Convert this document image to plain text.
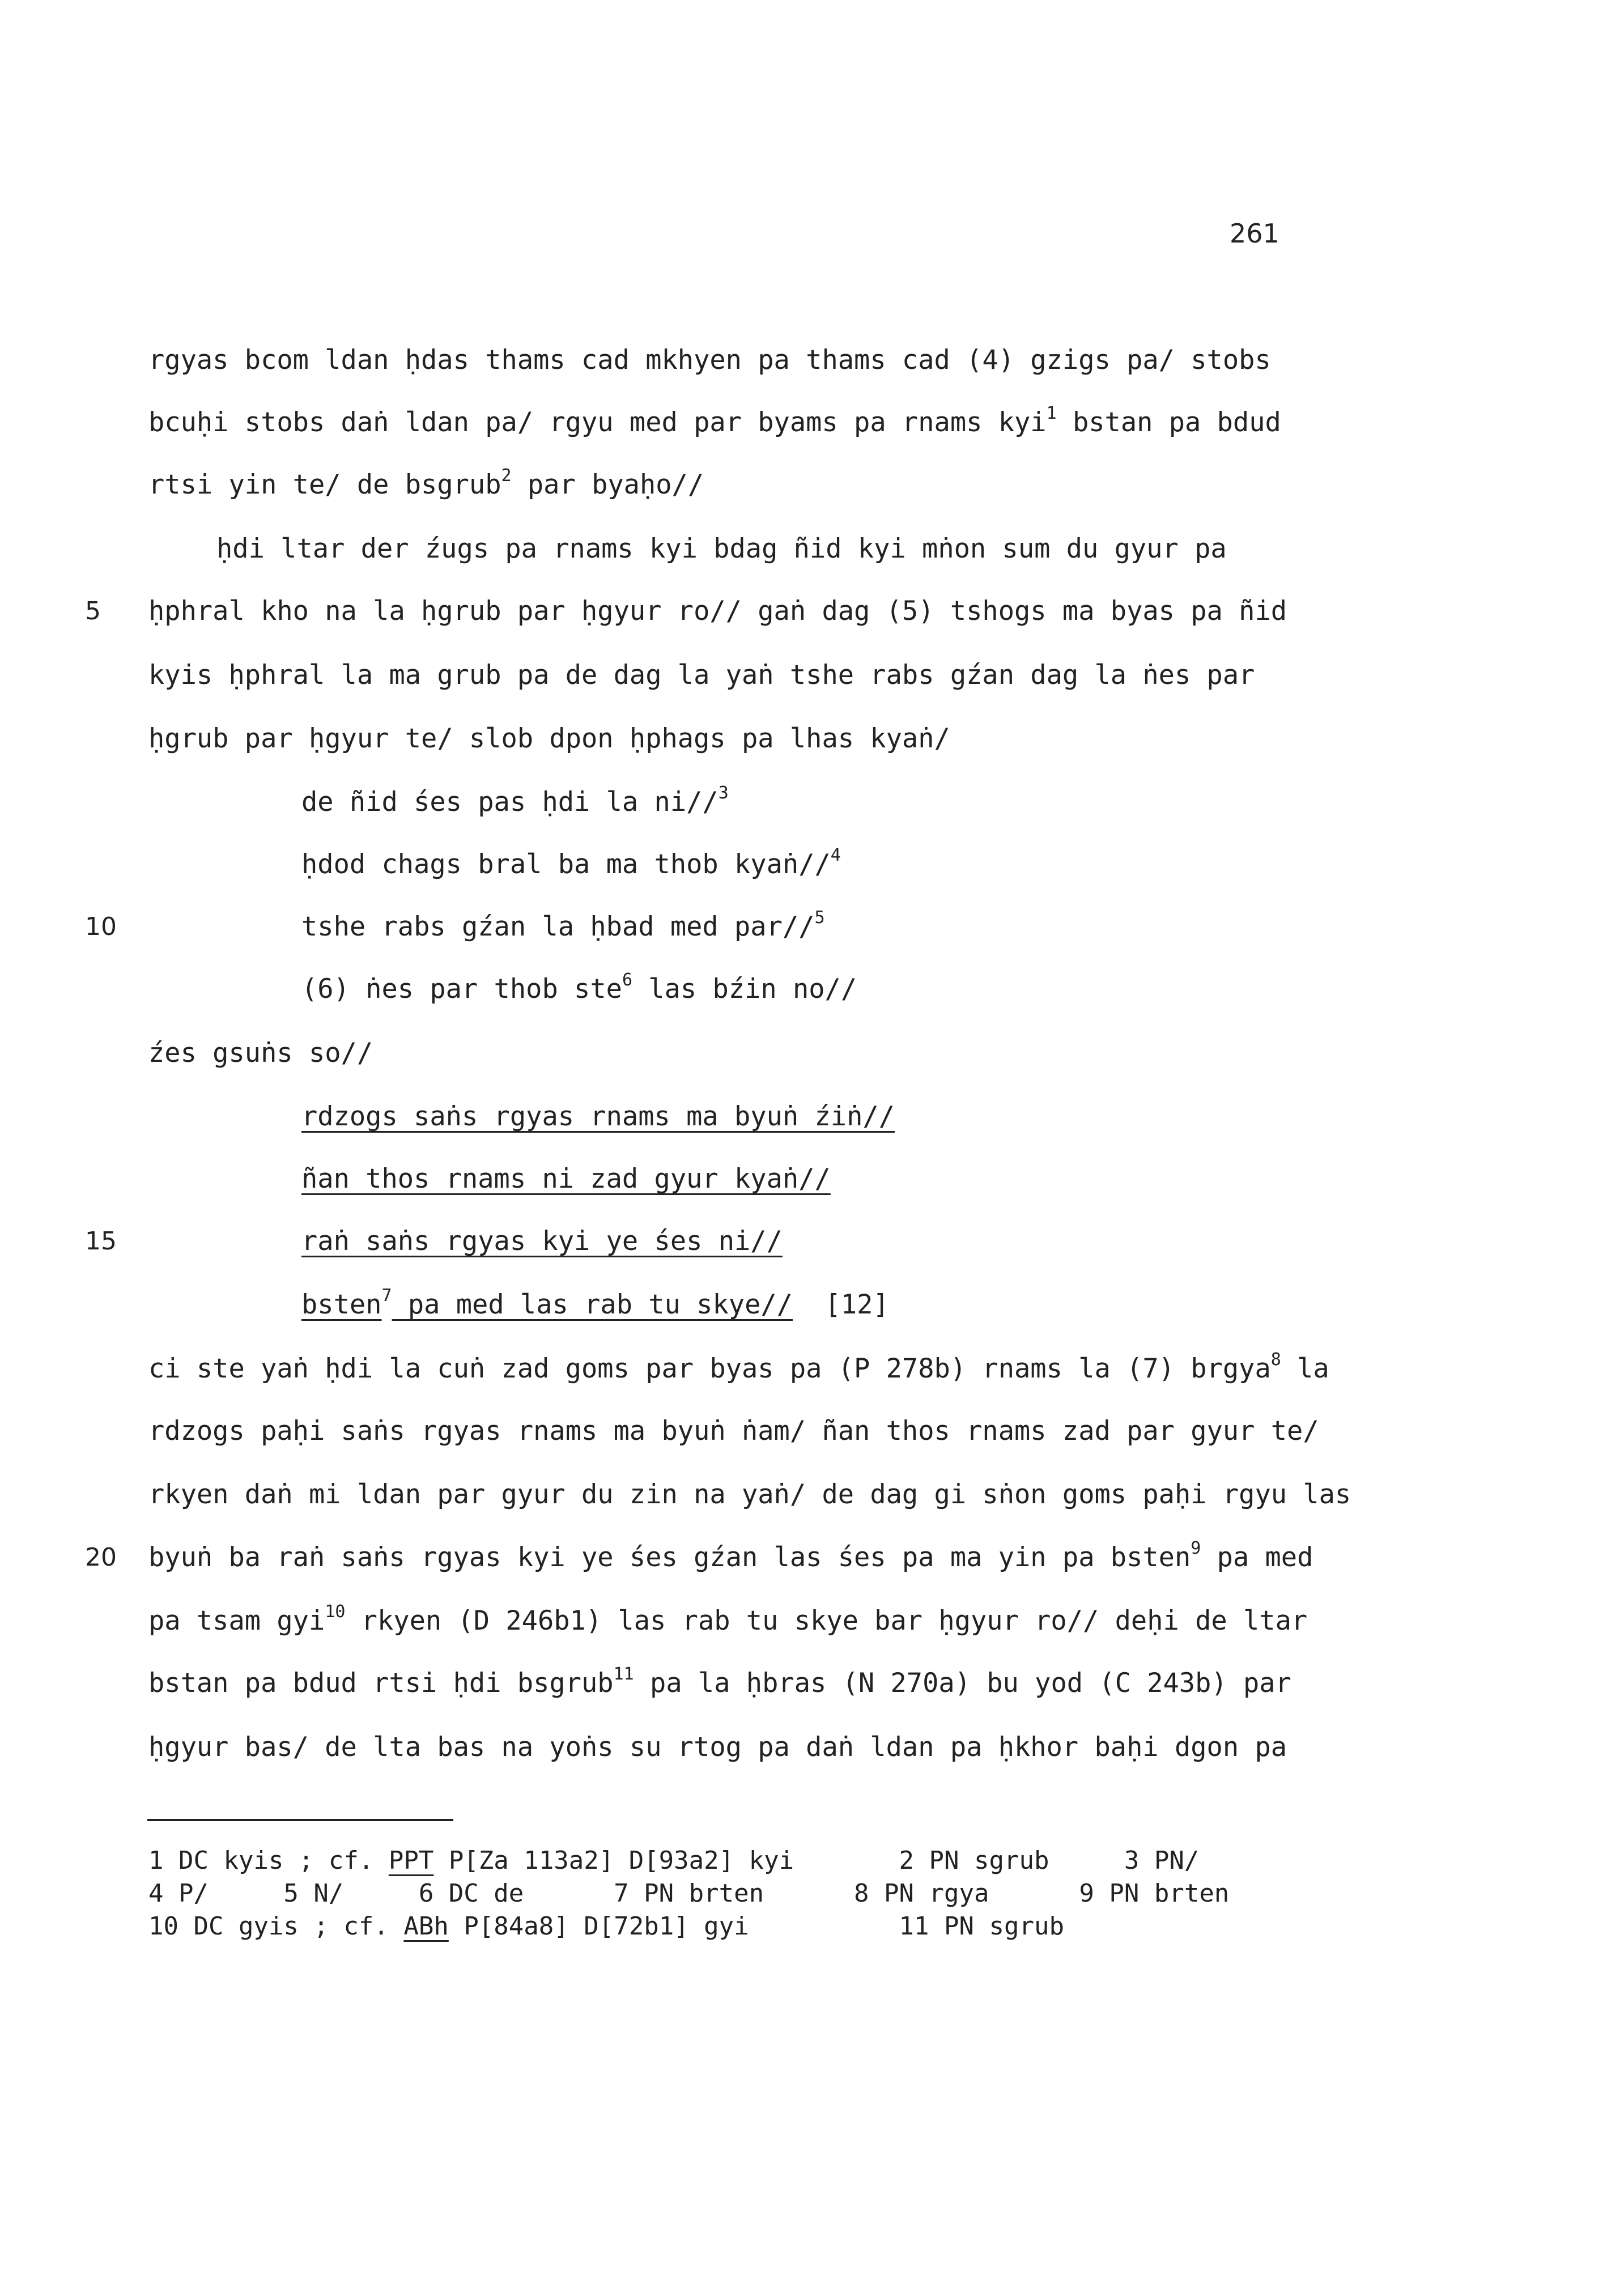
261
rgyas bcom ldan ḥdas thams cad mkhyen pa thams cad (4) gzigs pa/ stobs
bcuḥi stobs daṅ ldan pa/ rgyu med par byams pa rnams kyi$^1$ bstan pa bdud
rtsi yin te/ de bsgrub$^2$ par byaḥo//
ḥdi ltar der źugs pa rnams kyi bdag ñid kyi mṅon sum du gyur pa
5 ḥphral kho na la ḥgrub par ḥgyur ro// gaṅ dag (5) tshogs ma byas pa ñid
kyis ḥphral la ma grub pa de dag la yaṅ tshe rabs gźan dag la ṅes par
ḥgrub par ḥgyur te/ slob dpon ḥphags pa lhas kyaṅ/
de ñid śes pas ḥdi la ni//$^3$
ḥdod chags bral ba ma thob kyaṅ//$^4$
10	tshe rabs gźan la ḥbad med par//$^5$
(6) ṅes par thob ste$^6$ las bźin no//
źes gsuṅs so//
rdzogs saṅs rgyas rnams ma byuṅ źiṅ//
ñan thos rnams ni zad gyur kyaṅ//
15	raṅ saṅs rgyas kyi ye śes ni//
bsten$^7$ pa med las rab tu skye// [12]
ci ste yaṅ ḥdi la cuṅ zad goms par byas pa (P 278b) rnams la (7) brgya$^8$ la
rdzogs paḥi saṅs rgyas rnams ma byuṅ ṅam/ ñan thos rnams zad par gyur te/
rkyen daṅ mi ldan par gyur du zin na yaṅ/ de dag gi sṅon goms paḥi rgyu las
20 byuṅ ba raṅ saṅs rgyas kyi ye śes gźan las śes pa ma yin pa bsten$^9$ pa med
pa tsam gyi$^{10}$ rkyen (D 246b1) las rab tu skye bar ḥgyur ro// deḥi de ltar
bstan pa bdud rtsi ḥdi bsgrub$^{11}$ pa la ḥbras (N 270a) bu yod (C 243b) par
ḥgyur bas/ de lta bas na yoṅs su rtog pa daṅ ldan pa ḥkhor baḥi dgon pa
1 DC kyis ; cf. PPT P[Za 113a2] D[93a2] kyi       2 PN sgrub     3 PN/
4 P/     5 N/     6 DC de      7 PN brten      8 PN rgya      9 PN brten
10 DC gyis ; cf. ABh P[84a8] D[72b1] gyi          11 PN sgrub
